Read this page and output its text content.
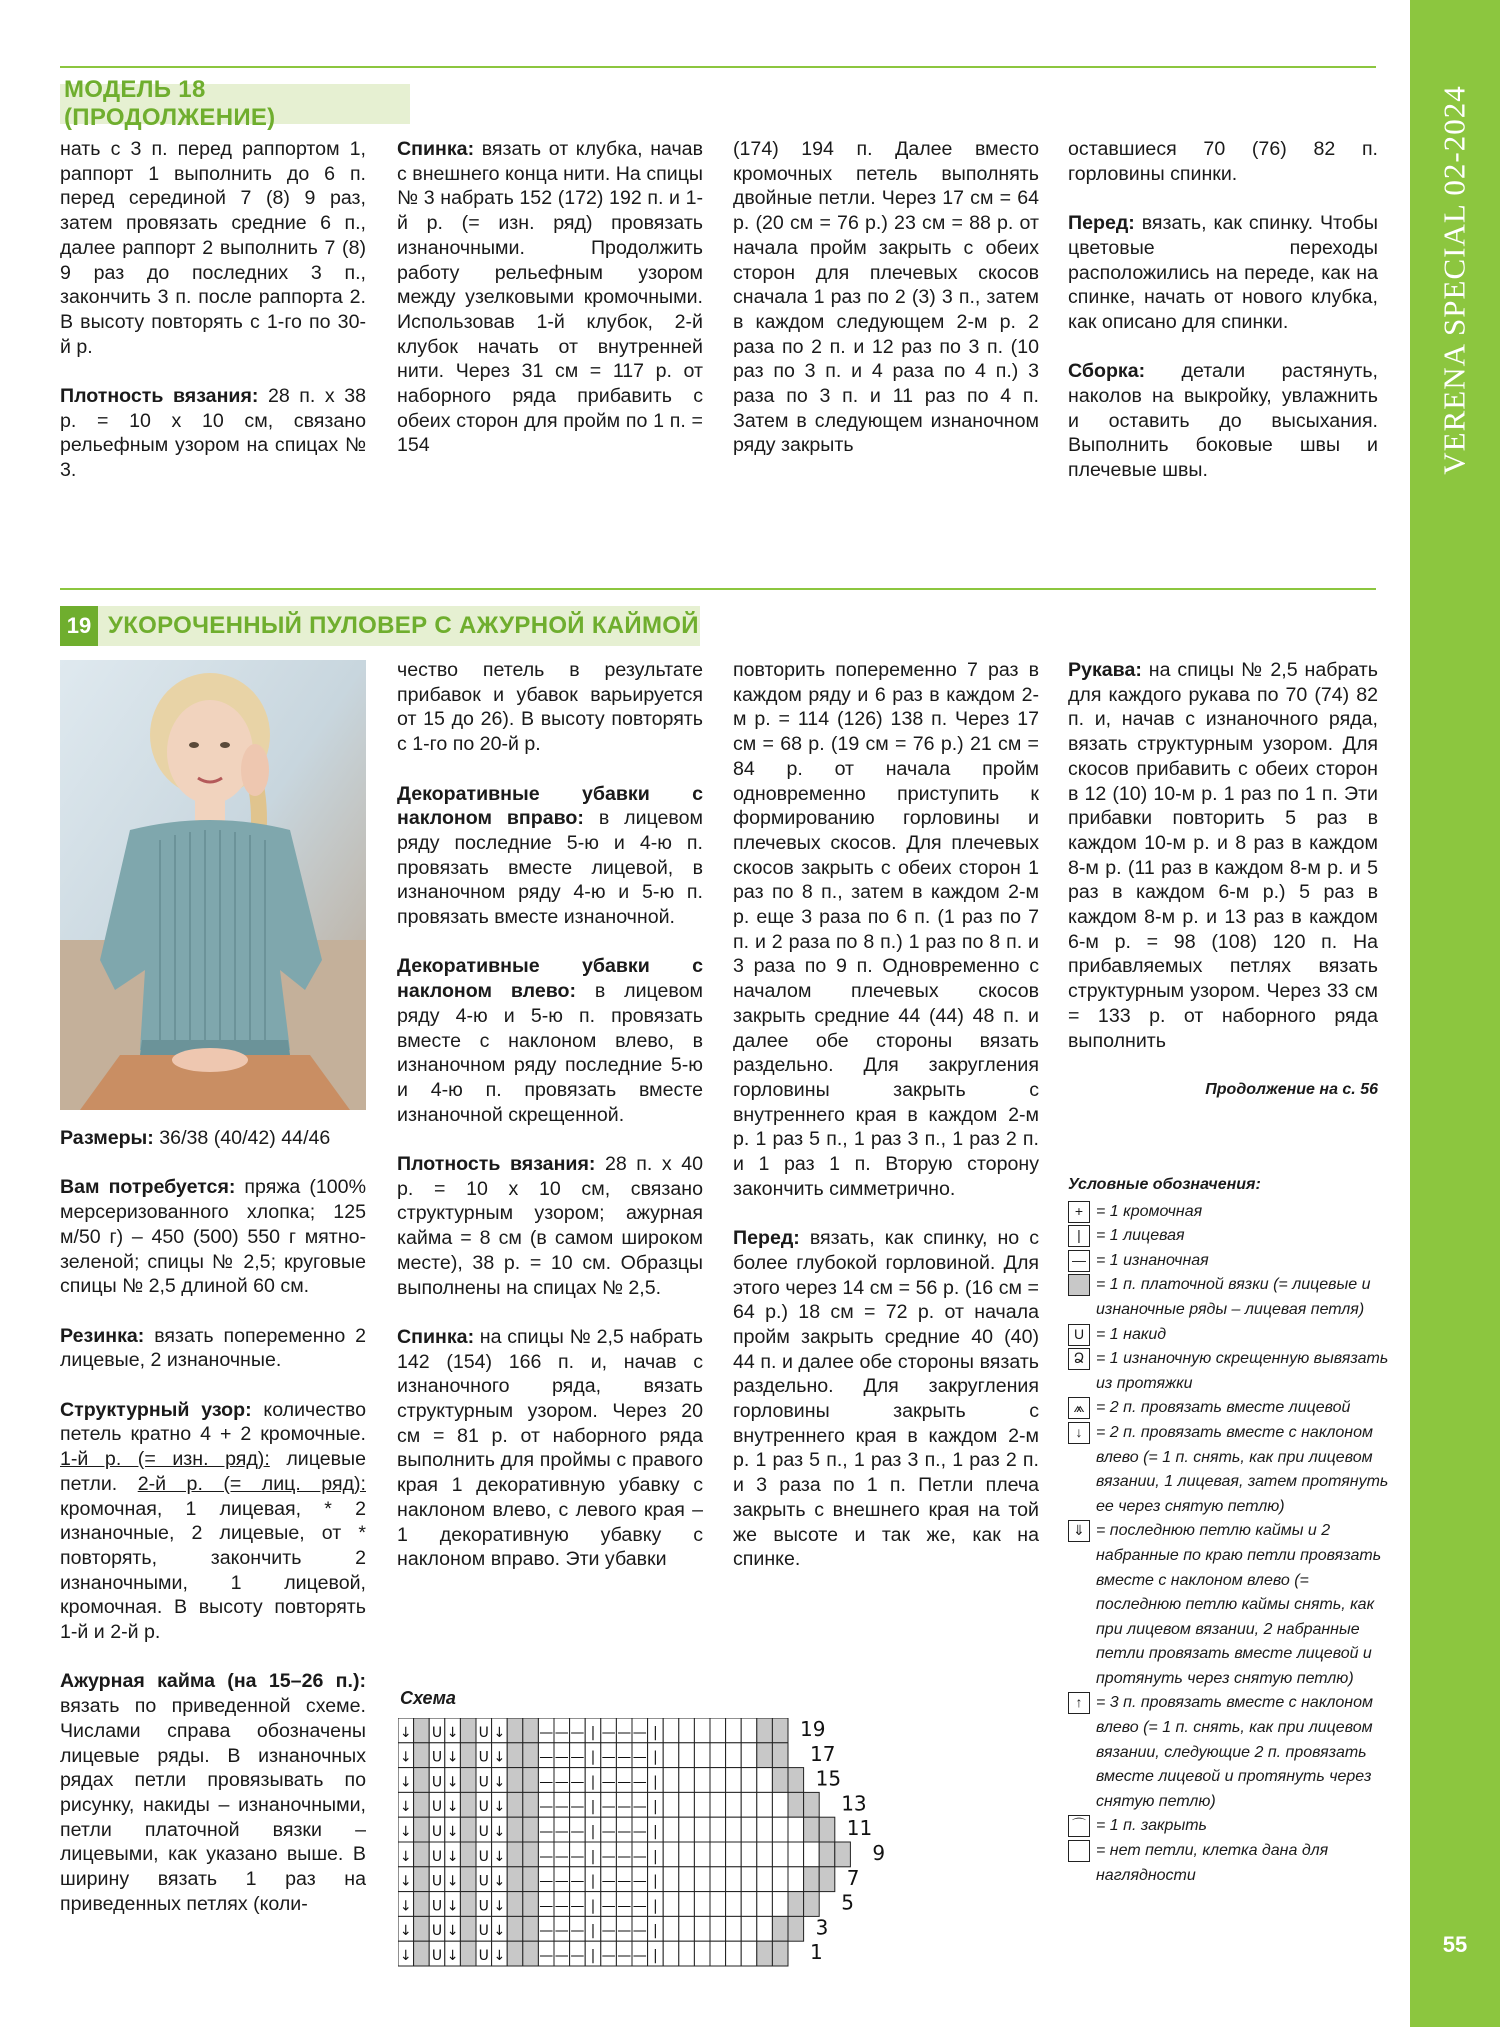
VERENA SPECIAL 02-2024
55
МОДЕЛЬ 18 (ПРОДОЛЖЕНИЕ)

нать с 3 п. перед раппортом 1, раппорт 1 выполнить до 6 п. перед серединой 7 (8) 9 раз, затем провязать средние 6 п., далее раппорт 2 выполнить 7 (8) 9 раз до последних 3 п., закончить 3 п. после раппорта 2. В высоту повторять с 1-го по 30-й р.

Плотность вязания: 28 п. х 38 р. = 10 х 10 см, связано рельефным узором на спицах № 3.

Спинка: вязать от клубка, начав с внешнего конца нити. На спицы № 3 набрать 152 (172) 192 п. и 1-й р. (= изн. ряд) провязать изнаночными. Продолжить работу рельефным узором между узелковыми кромочными. Использовав 1-й клубок, 2-й клубок начать от внутренней нити. Через 31 см = 117 р. от наборного ряда прибавить с обеих сторон для пройм по 1 п. = 154

(174) 194 п. Далее вместо кромочных петель выполнять двойные петли. Через 17 см = 64 р. (20 см = 76 р.) 23 см = 88 р. от начала пройм закрыть с обеих сторон для плечевых скосов сначала 1 раз по 2 (3) 3 п., затем в каждом следующем 2-м р. 2 раза по 2 п. и 12 раз по 3 п. (10 раз по 3 п. и 4 раза по 4 п.) 3 раза по 3 п. и 11 раз по 4 п. Затем в следующем изнаночном ряду закрыть

оставшиеся 70 (76) 82 п. горловины спинки.

Перед: вязать, как спинку. Чтобы цветовые переходы расположились на переде, как на спинке, начать от нового клубка, как описано для спинки.

Сборка: детали растянуть, наколов на выкройку, увлажнить и оставить до высыхания. Выполнить боковые швы и плечевые швы.

19 УКОРОЧЕННЫЙ ПУЛОВЕР С АЖУРНОЙ КАЙМОЙ

Размеры: 36/38 (40/42) 44/46

Вам потребуется: пряжа (100% мерсеризованного хлопка; 125 м/50 г) – 450 (500) 550 г мятно-зеленой; спицы № 2,5; круговые спицы № 2,5 длиной 60 см.

Резинка: вязать попеременно 2 лицевые, 2 изнаночные.

Структурный узор: количество петель кратно 4 + 2 кромочные. 1-й р. (= изн. ряд): лицевые петли. 2-й р. (= лиц. ряд): кромочная, 1 лицевая, * 2 изнаночные, 2 лицевые, от * повторять, закончить 2 изнаночными, 1 лицевой, кромочная. В высоту повторять 1-й и 2-й р.

Ажурная кайма (на 15–26 п.): вязать по приведенной схеме. Числами справа обозначены лицевые ряды. В изнаночных рядах петли провязывать по рисунку, накиды – изнаночными, петли платочной вязки – лицевыми, как указано выше. В ширину вязать 1 раз на приведенных петлях (коли-

чество петель в результате прибавок и убавок варьируется от 15 до 26). В высоту повторять с 1-го по 20-й р.

Декоративные убавки с наклоном вправо: в лицевом ряду последние 5-ю и 4-ю п. провязать вместе лицевой, в изнаночном ряду 4-ю и 5-ю п. провязать вместе изнаночной.

Декоративные убавки с наклоном влево: в лицевом ряду 4-ю и 5-ю п. провязать вместе с наклоном влево, в изнаночном ряду последние 5-ю и 4-ю п. провязать вместе изнаночной скрещенной.

Плотность вязания: 28 п. х 40 р. = 10 х 10 см, связано структурным узором; ажурная кайма = 8 см (в самом широком месте), 38 р. = 10 см. Образцы выполнены на спицах № 2,5.

Спинка: на спицы № 2,5 набрать 142 (154) 166 п. и, начав с изнаночного ряда, вязать структурным узором. Через 20 см = 81 р. от наборного ряда выполнить для проймы с правого края 1 декоративную убавку с наклоном влево, с левого края – 1 декоративную убавку с наклоном вправо. Эти убавки

повторить попеременно 7 раз в каждом ряду и 6 раз в каждом 2-м р. = 114 (126) 138 п. Через 17 см = 68 р. (19 см = 76 р.) 21 см = 84 р. от начала пройм одновременно приступить к формированию горловины и плечевых скосов. Для плечевых скосов закрыть с обеих сторон 1 раз по 8 п., затем в каждом 2-м р. еще 3 раза по 6 п. (1 раз по 7 п. и 2 раза по 8 п.) 1 раз по 8 п. и 3 раза по 9 п. Одновременно с началом плечевых скосов закрыть средние 44 (44) 48 п. и далее обе стороны вязать раздельно. Для закругления горловины закрыть с внутреннего края в каждом 2-м р. 1 раз 5 п., 1 раз 3 п., 1 раз 2 п. и 1 раз 1 п. Вторую сторону закончить симметрично.

Перед: вязать, как спинку, но с более глубокой горловиной. Для этого через 14 см = 56 р. (16 см = 64 р.) 18 см = 72 р. от начала пройм закрыть средние 40 (40) 44 п. и далее обе стороны вязать раздельно. Для закругления горловины закрыть с внутреннего края в каждом 2-м р. 1 раз 5 п., 1 раз 3 п., 1 раз 2 п. и 3 раза по 1 п. Петли плеча закрыть с внешнего края на той же высоте и так же, как на спинке.

Рукава: на спицы № 2,5 набрать для каждого рукава по 70 (74) 82 п. и, начав с изнаночного ряда, вязать структурным узором. Для скосов прибавить с обеих сторон в 12 (10) 10-м р. 1 раз по 1 п. Эти прибавки повторить 5 раз в каждом 10-м р. и 8 раз в каждом 8-м р. (11 раз в каждом 8-м р. и 5 раз в каждом 6-м р.) 5 раз в каждом 8-м р. и 13 раз в каждом 6-м р. = 98 (108) 120 п. На прибавляемых петлях вязать структурным узором. Через 33 см = 133 р. от наборного ряда выполнить

Продолжение на с. 56
Условные обозначения:
+ = 1 кромочная
| = 1 лицевая
— = 1 изнаночная
= 1 п. платочной вязки (= лицевые и изнаночные ряды – лицевая петля)
U = 1 накид
Ձ = 1 изнаночную скрещенную вывязать из протяжки
⩕ = 2 п. провязать вместе лицевой
↓ = 2 п. провязать вместе с наклоном влево (= 1 п. снять, как при лицевом вязании, 1 лицевая, затем протянуть ее через снятую петлю)
⇓ = последнюю петлю каймы и 2 набранные по краю петли провязать вместе с наклоном влево (= последнюю петлю каймы снять, как при лицевом вязании, 2 набранные петли провязать вместе лицевой и протянуть через снятую петлю)
↑ = 3 п. провязать вместе с наклоном влево (= 1 п. снять, как при лицевом вязании, следующие 2 п. провязать вместе лицевой и протянуть через снятую петлю)
⌒ = 1 п. закрыть
= нет петли, клетка дана для наглядности
Схема
↓ U ↓ U ↓ — — — | — — — |
↓ U ↓ U ↓ — — — | — — — |
↓ U ↓ U ↓ — — — | — — — |
↓ U ↓ U ↓ — — — | — — — |
↓ U ↓ U ↓ — — — | — — — |
↓ U ↓ U ↓ — — — | — — — |
↓ U ↓ U ↓ — — — | — — — |
↓ U ↓ U ↓ — — — | — — — |
↓ U ↓ U ↓ — — — | — — — |
↓ U ↓ U ↓ — — — | — — — |
19
17
15
13
11
9
7
5
3
1
